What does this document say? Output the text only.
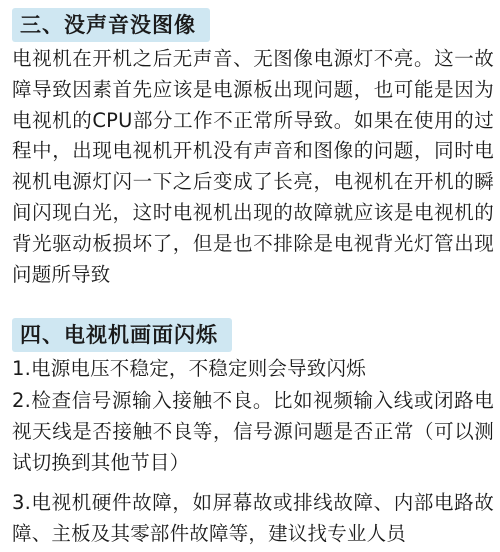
三、没声音没图像

电视机在开机之后无声音、无图像电源灯不亮。这一故障导致因素首先应该是电源板出现问题，也可能是因为电视机的CPU部分工作不正常所导致。如果在使用的过程中，出现电视机开机没有声音和图像的问题，同时电视机电源灯闪一下之后变成了长亮，电视机在开机的瞬间闪现白光，这时电视机出现的故障就应该是电视机的背光驱动板损坏了，但是也不排除是电视背光灯管出现问题所导致

四、电视机画面闪烁

1.电源电压不稳定，不稳定则会导致闪烁

2.检查信号源输入接触不良。比如视频输入线或闭路电视天线是否接触不良等，信号源问题是否正常（可以测试切换到其他节目）

3.电视机硬件故障，如屏幕故或排线故障、内部电路故障、主板及其零部件故障等，建议找专业人员
